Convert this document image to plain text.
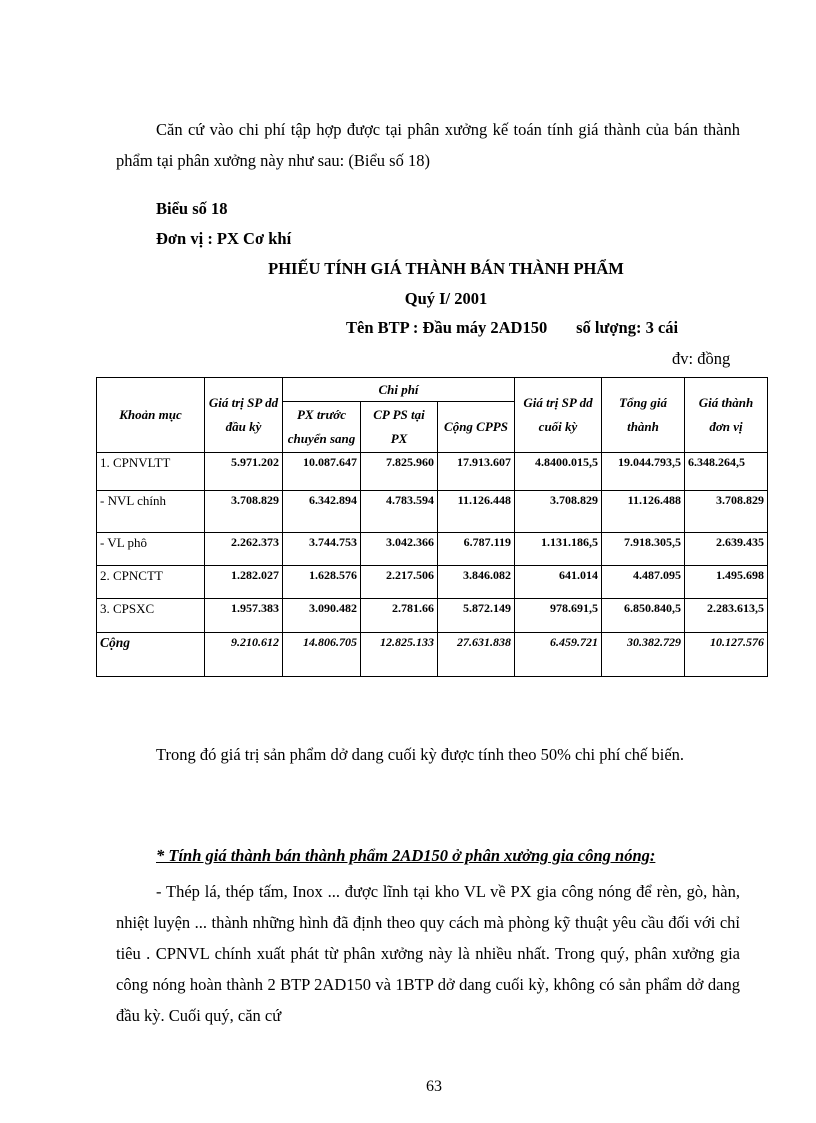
Căn cứ vào chi phí tập hợp được tại phân xưởng kế toán tính giá thành của bán thành phẩm tại phân xưởng này như sau: (Biểu số 18)

Biểu số 18
Đơn vị : PX Cơ khí
PHIẾU TÍNH GIÁ THÀNH BÁN THÀNH PHẨM
Quý I/ 2001
Tên BTP : Đầu máy 2AD150 số lượng: 3 cái
đv: đồng
Khoản mục	Giá trị SP dd đầu kỳ	Chi phí			Giá trị SP dd cuối kỳ	Tổng giá thành	Giá thành đơn vị
		PX trước chuyển sang	CP PS tại PX	Cộng CPPS			
1. CPNVLTT	5.971.202	10.087.647	7.825.960	17.913.607	4.8400.015,5	19.044.793,5	6.348.264,5
- NVL chính	3.708.829	6.342.894	4.783.594	11.126.448	3.708.829	11.126.488	3.708.829
- VL phô	2.262.373	3.744.753	3.042.366	6.787.119	1.131.186,5	7.918.305,5	2.639.435
2. CPNCTT	1.282.027	1.628.576	2.217.506	3.846.082	641.014	4.487.095	1.495.698
3. CPSXC	1.957.383	3.090.482	2.781.66	5.872.149	978.691,5	6.850.840,5	2.283.613,5
Cộng	9.210.612	14.806.705	12.825.133	27.631.838	6.459.721	30.382.729	10.127.576

Trong đó giá trị sản phẩm dở dang cuối kỳ được tính theo 50% chi phí chế biến.

* Tính giá thành bán thành phẩm 2AD150 ở phân xưởng gia công nóng:

- Thép lá, thép tấm, Inox ... được lĩnh tại kho VL về PX gia công nóng để rèn, gò, hàn, nhiệt luyện ... thành những hình đã định theo quy cách mà phòng kỹ thuật yêu cầu đối với chỉ tiêu . CPNVL chính xuất phát từ phân xưởng này là nhiều nhất. Trong quý, phân xưởng gia công nóng hoàn thành 2 BTP 2AD150 và 1BTP dở dang cuối kỳ, không có sản phẩm dở dang đầu kỳ. Cuối quý, căn cứ

63
